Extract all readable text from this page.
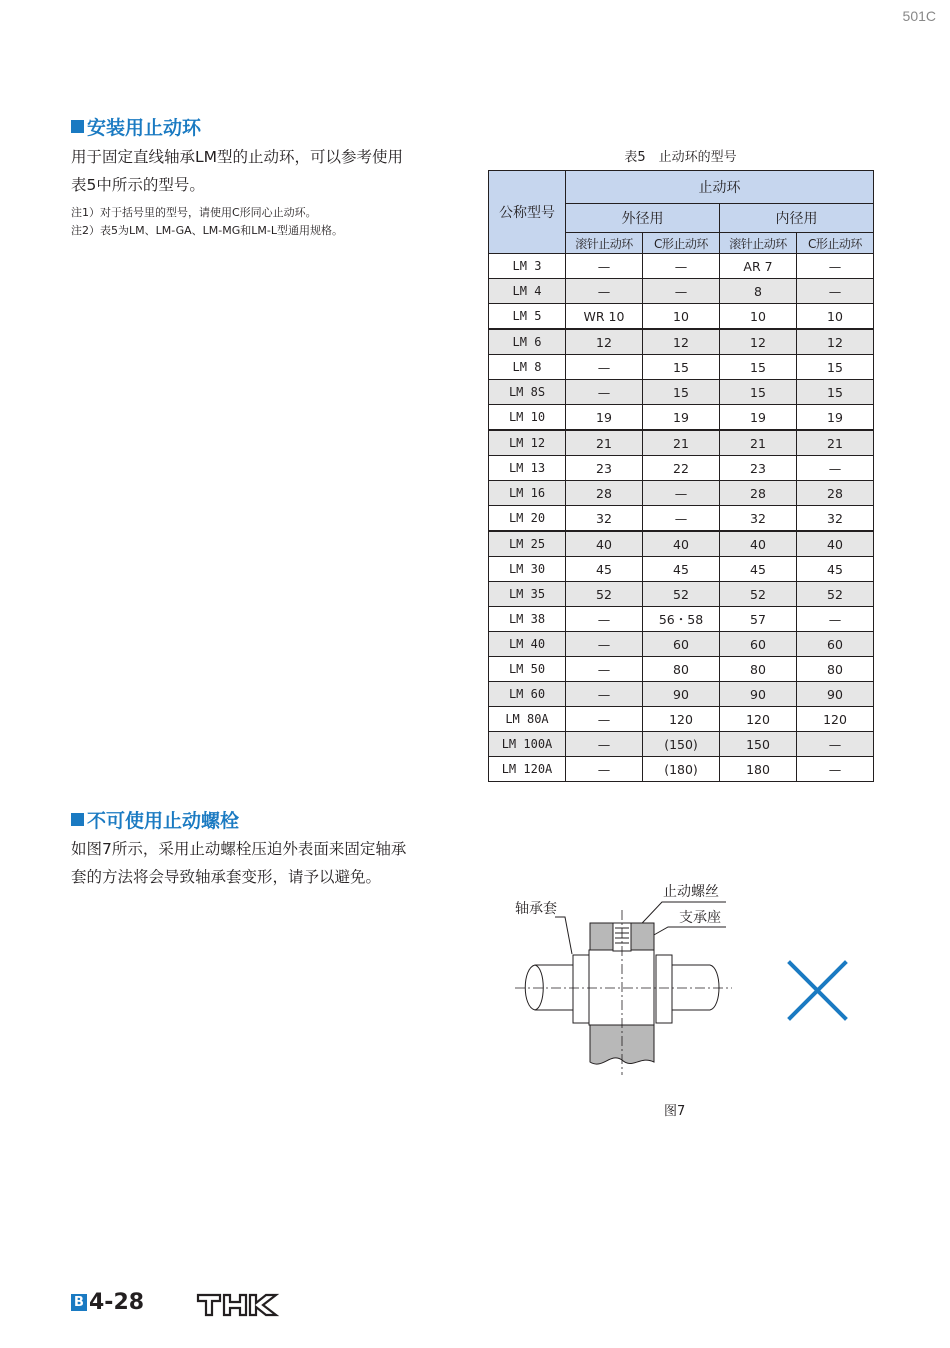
501C
安装用止动环
用于固定直线轴承LM型的止动环，可以参考使用
表5中所示的型号。
注1）对于括号里的型号，请使用C形同心止动环。
注2）表5为LM、LM-GA、LM-MG和LM-L型通用规格。
表5　止动环的型号
公称型号	止动环			
	外径用		内径用	
	滚针止动环	C形止动环	滚针止动环	C形止动环
LM 3	—	—	AR 7	—
LM 4	—	—	8	—
LM 5	WR 10	10	10	10
LM 6	12	12	12	12
LM 8	—	15	15	15
LM 8S	—	15	15	15
LM 10	19	19	19	19
LM 12	21	21	21	21
LM 13	23	22	23	—
LM 16	28	—	28	28
LM 20	32	—	32	32
LM 25	40	40	40	40
LM 30	45	45	45	45
LM 35	52	52	52	52
LM 38	—	56・58	57	—
LM 40	—	60	60	60
LM 50	—	80	80	80
LM 60	—	90	90	90
LM 80A	—	120	120	120
LM 100A	—	(150)	150	—
LM 120A	—	(180)	180	—
不可使用止动螺栓
如图7所示，采用止动螺栓压迫外表面来固定轴承
套的方法将会导致轴承套变形，请予以避免。
轴承套
止动螺丝
支承座
图7
B 4-28
